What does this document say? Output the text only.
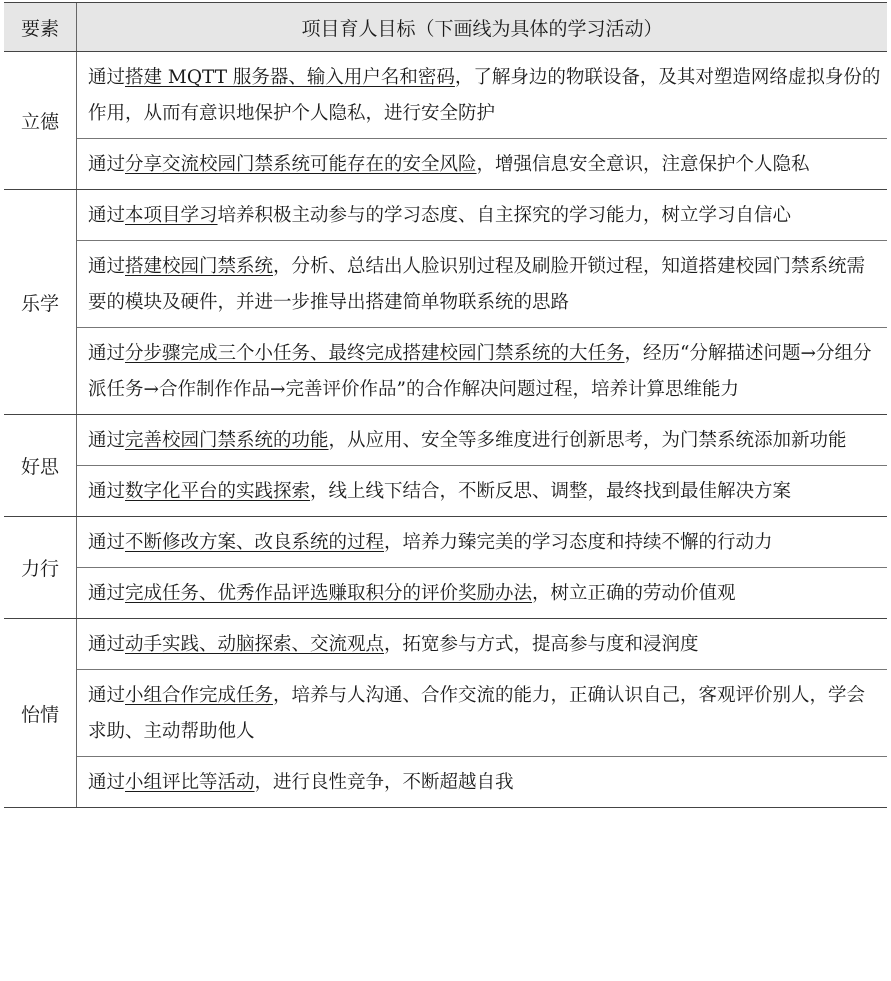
要素	项目育人目标（下画线为具体的学习活动）
立德
通过搭建 MQTT 服务器、输入用户名和密码，了解身边的物联设备，及其对塑造网络虚拟身份的作用，从而有意识地保护个人隐私，进行安全防护
通过分享交流校园门禁系统可能存在的安全风险，增强信息安全意识，注意保护个人隐私
乐学
通过本项目学习培养积极主动参与的学习态度、自主探究的学习能力，树立学习自信心
通过搭建校园门禁系统，分析、总结出人脸识别过程及刷脸开锁过程，知道搭建校园门禁系统需要的模块及硬件，并进一步推导出搭建简单物联系统的思路
通过分步骤完成三个小任务、最终完成搭建校园门禁系统的大任务，经历“分解描述问题→分组分派任务→合作制作作品→完善评价作品”的合作解决问题过程，培养计算思维能力
好思
通过完善校园门禁系统的功能，从应用、安全等多维度进行创新思考，为门禁系统添加新功能
通过数字化平台的实践探索，线上线下结合，不断反思、调整，最终找到最佳解决方案
力行
通过不断修改方案、改良系统的过程，培养力臻完美的学习态度和持续不懈的行动力
通过完成任务、优秀作品评选赚取积分的评价奖励办法，树立正确的劳动价值观
怡情
通过动手实践、动脑探索、交流观点，拓宽参与方式，提高参与度和浸润度
通过小组合作完成任务，培养与人沟通、合作交流的能力，正确认识自己，客观评价别人，学会求助、主动帮助他人
通过小组评比等活动，进行良性竞争，不断超越自我
